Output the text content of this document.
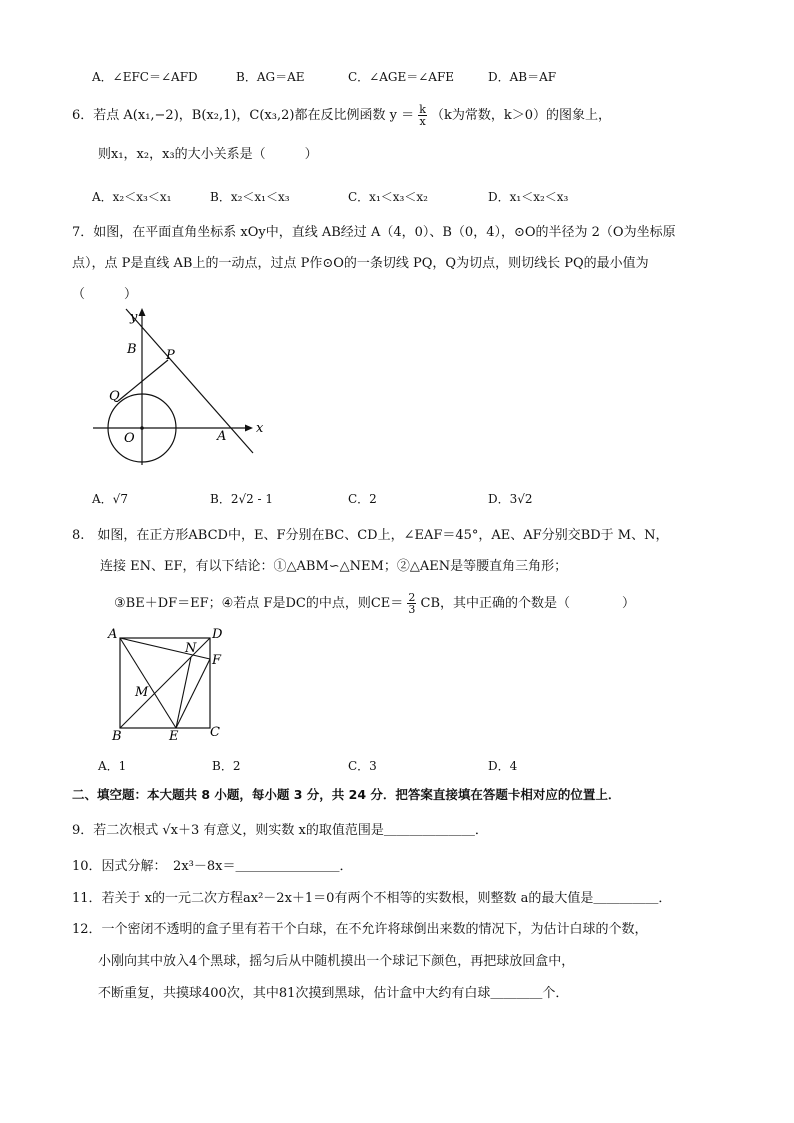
A．∠EFC＝∠AFD	B．AG＝AE	C．∠AGE＝∠AFE	D．AB＝AF
6．若点 A(x₁,−2)，B(x₂,1)，C(x₃,2)都在反比例函数 $y = \frac{k}{x} (k$为常数，k＞0）的图象上，
则x₁，x₂，x₃的大小关系是（　　　）
A．x₂＜x₃＜x₁	B．x₂＜x₁＜x₃	C．x₁＜x₃＜x₂	D．x₁＜x₂＜x₃
7．如图，在平面直角坐标系 xOy中，直线 AB经过 A（4，0）、B（0，4），⊙O的半径为 2（O为坐标原
点），点 P是直线 AB上的一动点，过点 P作⊙O的一条切线 PQ，Q为切点，则切线长 PQ的最小值为
（　　　）
y
x
B P
Q
O	A
A．√7	B．2√2 - 1	C．2	D．3√2
8.　如图，在正方形ABCD中，E、F分别在BC、CD上，∠EAF＝45°，AE、AF分别交BD于 M、N，
连接 EN、EF，有以下结论：①△ABM∽△NEM；②△AEN是等腰直角三角形；
③BE＋DF＝EF；④若点 F是DC的中点，则$CE= \frac{2}{3}$ CB，其中正确的个数是（　　　　）
A	D
N
F
M
B	E C
A．1	B．2	C．3	D．4
二、填空题：本大题共 8 小题，每小题 3 分，共 24 分．把答案直接填在答题卡相对应的位置上．
9．若二次根式 √x＋3 有意义，则实数 x的取值范围是＿＿＿＿＿＿＿．
10．因式分解：　2x³－8x＝＿＿＿＿＿＿＿＿．
11．若关于 x的一元二次方程ax²－2x＋1＝0有两个不相等的实数根，则整数 a的最大值是＿＿＿＿＿．
12．一个密闭不透明的盒子里有若干个白球，在不允许将球倒出来数的情况下，为估计白球的个数，
小刚向其中放入4个黑球，摇匀后从中随机摸出一个球记下颜色，再把球放回盒中，
不断重复，共摸球400次，其中81次摸到黑球，估计盒中大约有白球＿＿＿＿个．
